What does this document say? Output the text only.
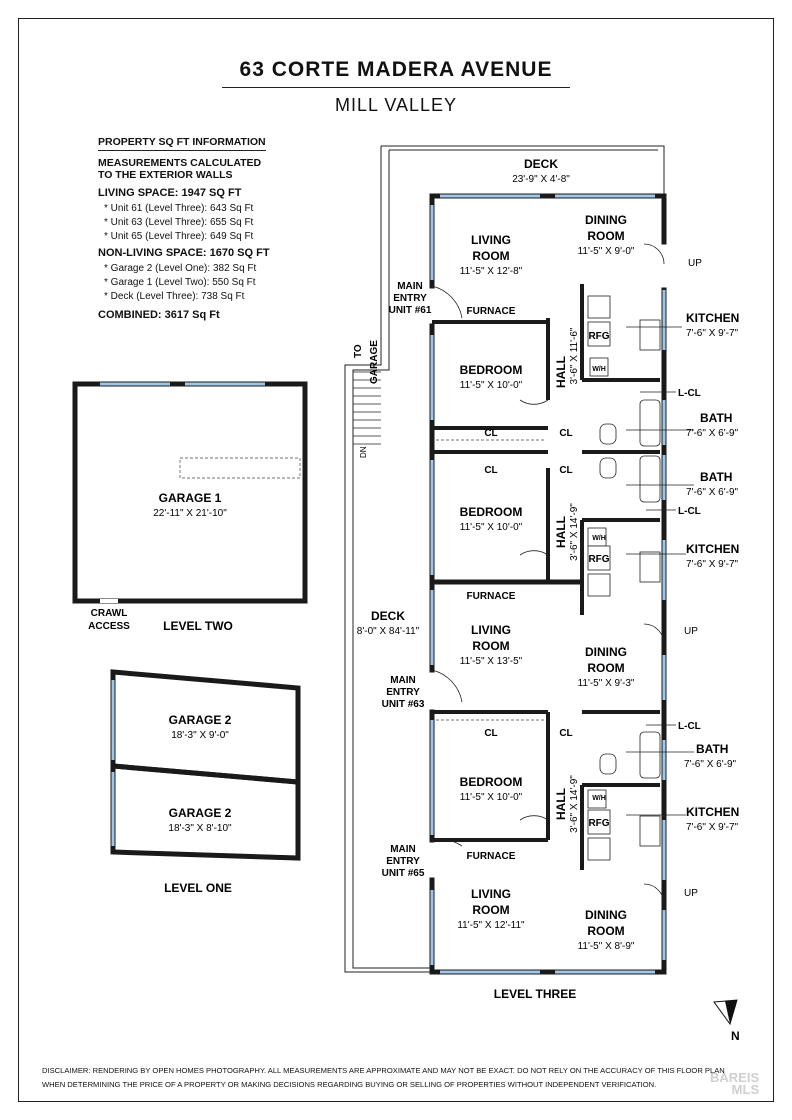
63 CORTE MADERA AVENUE
MILL VALLEY
PROPERTY SQ FT INFORMATION
MEASUREMENTS CALCULATED
TO THE EXTERIOR WALLS
LIVING SPACE: 1947 SQ FT
* Unit 61 (Level Three): 643 Sq Ft
* Unit 63 (Level Three): 655 Sq Ft
* Unit 65 (Level Three): 649 Sq Ft
NON-LIVING SPACE: 1670 SQ FT
* Garage 2 (Level One): 382 Sq Ft
* Garage 1 (Level Two): 550 Sq Ft
* Deck (Level Three): 738 Sq Ft
COMBINED: 3617 Sq Ft
DECK
23'-9" X 4'-8"
LIVING
ROOM
11'-5" X 12'-8"
DINING
ROOM
11'-5" X 9'-0"
UP
MAIN
ENTRY
UNIT #61	FURNACE	KITCHEN
7'-6" X 9'-7"
RFG
W/H
TO GARAGE
DN
BEDROOM
11'-5" X 10'-0"	HALL 3'-6" X 11'-6"
L-CL
BATH
7'-6" X 6'-9"
CL	CL
CL	CL	BATH
7'-6" X 6'-9"
L-CL
BEDROOM
11'-5" X 10'-0"	HALL 3'-6" X 14'-9" W/H
RFG
KITCHEN
7'-6" X 9'-7"
FURNACE
DECK
8'-0" X 84'-11"	LIVING
ROOM
11'-5" X 13'-5"
DINING
ROOM
11'-5" X 9'-3"
UP
MAIN
ENTRY
UNIT #63
CL	CL
L-CL
BATH
7'-6" X 6'-9"
BEDROOM
11'-5" X 10'-0"	HALL 3'-6" X 14'-9" W/H
RFG
KITCHEN
7'-6" X 9'-7"
MAIN
ENTRY
UNIT #65
FURNACE
LIVING
ROOM
11'-5" X 12'-11"
DINING
ROOM
11'-5" X 8'-9"
UP
LEVEL THREE
GARAGE 1
22'-11" X 21'-10"
CRAWL
ACCESS	LEVEL TWO
GARAGE 2
18'-3" X 9'-0"
GARAGE 2
18'-3" X 8'-10"
LEVEL ONE
N
DISCLAIMER: RENDERING BY OPEN HOMES PHOTOGRAPHY. ALL MEASUREMENTS ARE APPROXIMATE AND MAY NOT BE EXACT. DO NOT RELY ON THE ACCURACY OF THIS FLOOR PLAN
WHEN DETERMINING THE PRICE OF A PROPERTY OR MAKING DECISIONS REGARDING BUYING OR SELLING OF PROPERTIES WITHOUT INDEPENDENT VERIFICATION.	BAREIS
MLS
